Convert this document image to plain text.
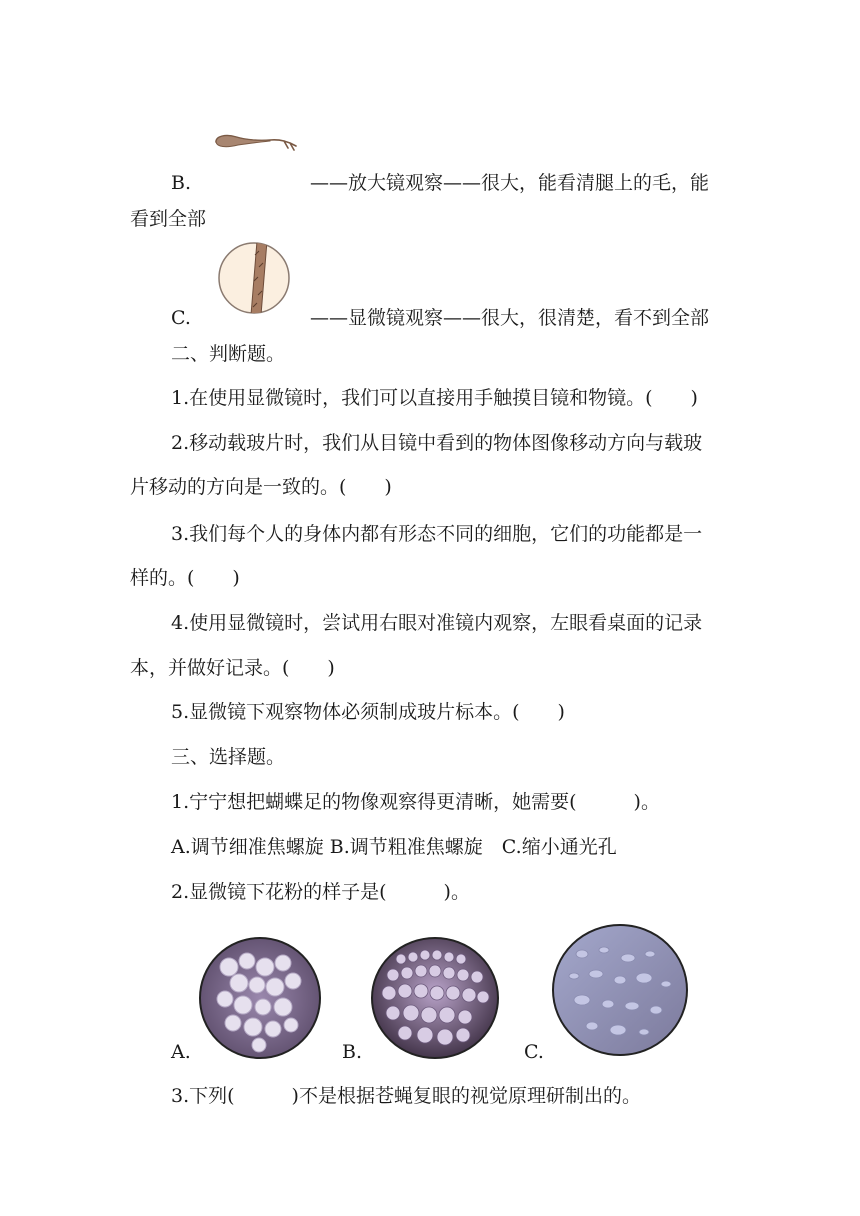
B.	——放大镜观察——很大，能看清腿上的毛，能
看到全部
C.	——显微镜观察——很大，很清楚，看不到全部
二、判断题。
1.在使用显微镜时，我们可以直接用手触摸目镜和物镜。(　　)
2.移动载玻片时，我们从目镜中看到的物体图像移动方向与载玻
片移动的方向是一致的。(　　)
3.我们每个人的身体内都有形态不同的细胞，它们的功能都是一
样的。(　　)
4.使用显微镜时，尝试用右眼对准镜内观察，左眼看桌面的记录
本，并做好记录。(　　)
5.显微镜下观察物体必须制成玻片标本。(　　)
三、选择题。
1.宁宁想把蝴蝶足的物像观察得更清晰，她需要(　　　)。
A.调节细准焦螺旋 B.调节粗准焦螺旋　C.缩小通光孔
2.显微镜下花粉的样子是(　　　)。
A.	B.	C.
3.下列(　　　)不是根据苍蝇复眼的视觉原理研制出的。
